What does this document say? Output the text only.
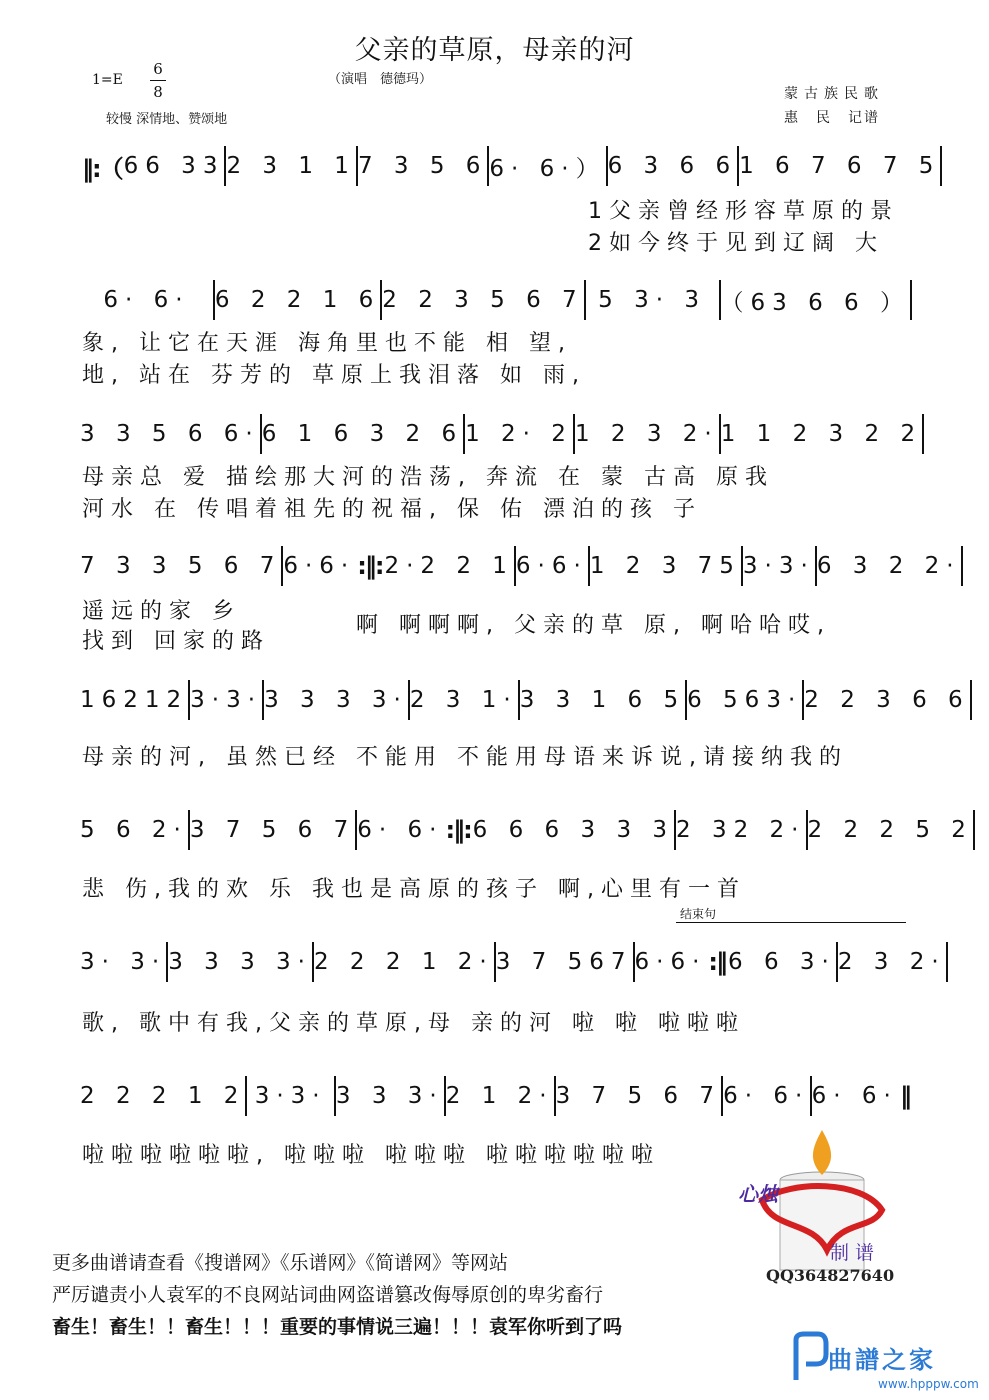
父亲的草原，母亲的河
（演唱　德德玛）
1=E
6
8
较慢 深情地、赞颂地
蒙古族民歌
惠　民　记谱
‖:（ 66 33 2 3 1 1 7 3 5 6 6· 6·） 6 3 6 6 1 6 7 6 7 5
1父亲曾经形容草原的景
2如今终于见到辽阔 大
6· 6·	6 2 2 1 6 2 2 3 5 6 7 5 3· 3 （63 6 6 ）
象, 让它在天涯 海角里也不能 相 望,
地, 站在 芬芳的 草原上我泪落 如 雨,
3 3 5 6 6· 6 1 6 3 2 6 1 2· 2 1 2 3 2· 1 1 2 3 2 2
母亲总 爱 描绘那大河的浩荡, 奔流 在 蒙 古高 原我
河水 在 传唱着祖先的祝福, 保 佑 漂泊的孩 子
7 3 3 5 6 7 6·6· :‖: 2·2 2 1 6·6· 1 2 3 75 3·3· 6 3 2 2·
遥远的家 乡
找到 回家的路
啊 啊啊啊, 父亲的草 原, 啊哈哈哎,
16212 3·3· 3 3 3 3· 2 3 1· 3 3 1 6 5 6 563· 2 2 3 6 6
母亲的河, 虽然已经 不能用 不能用母语来诉说,请接纳我的
5 6 2· 3 7 5 6 7 6· 6· :‖: 6 6 6 3 3 3 2 32 2· 2 2 2 5 2
悲 伤,我的欢 乐 我也是高原的孩子 啊,心里有一首
结束句
3· 3· 3 3 3 3· 2 2 2 1 2· 3 7 567 6·6· :‖ 6 6 3· 2 3 2·
歌, 歌中有我,父亲的草原,母 亲的河 啦 啦 啦啦啦
2 2 2 1 2 3·3· 3 3 3· 2 1 2· 3 7 5 6 7 6· 6· 6· 6· ‖
啦啦啦啦啦啦, 啦啦啦 啦啦啦 啦啦啦啦啦啦
心烛
制谱
QQ364827640
更多曲谱请查看《搜谱网》《乐谱网》《简谱网》等网站
严厉谴责小人袁军的不良网站词曲网盗谱篡改侮辱原创的卑劣畜行
畜生！畜生！！畜生！！！重要的事情说三遍！！！袁军你听到了吗
曲譜之家
www.hpppw.com
